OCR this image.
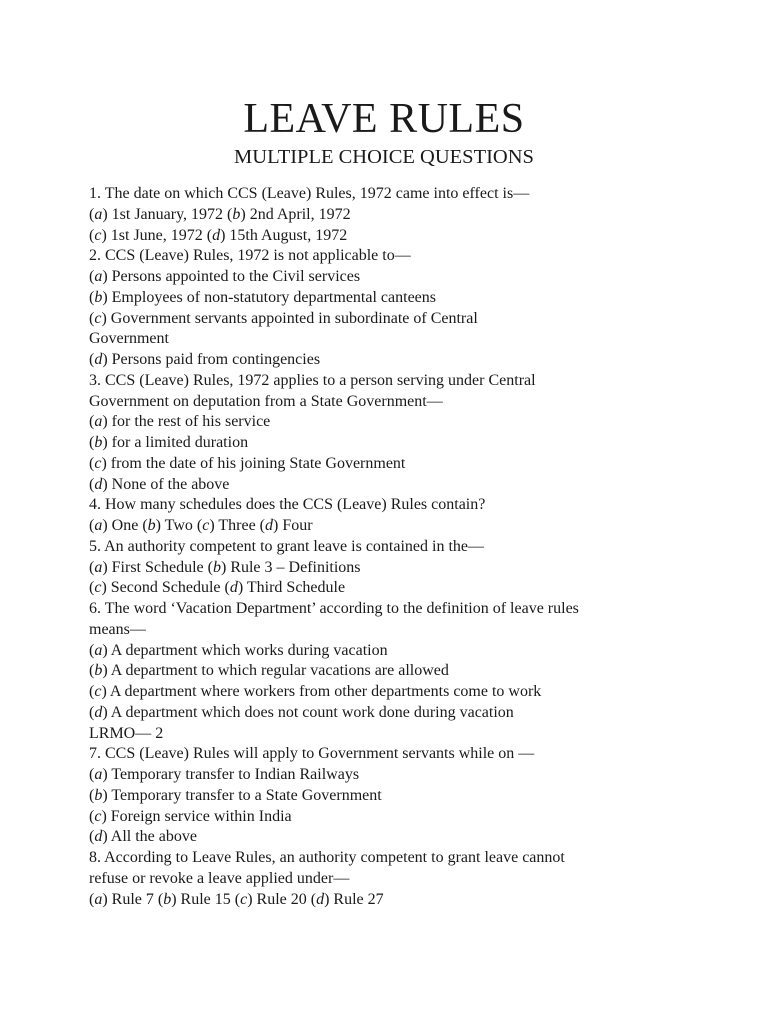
LEAVE RULES
MULTIPLE CHOICE QUESTIONS
1. The date on which CCS (Leave) Rules, 1972 came into effect is—
(a) 1st January, 1972 (b) 2nd April, 1972
(c) 1st June, 1972 (d) 15th August, 1972
2. CCS (Leave) Rules, 1972 is not applicable to—
(a) Persons appointed to the Civil services
(b) Employees of non-statutory departmental canteens
(c) Government servants appointed in subordinate of Central
Government
(d) Persons paid from contingencies
3. CCS (Leave) Rules, 1972 applies to a person serving under Central
Government on deputation from a State Government—
(a) for the rest of his service
(b) for a limited duration
(c) from the date of his joining State Government
(d) None of the above
4. How many schedules does the CCS (Leave) Rules contain?
(a) One (b) Two (c) Three (d) Four
5. An authority competent to grant leave is contained in the—
(a) First Schedule (b) Rule 3 – Definitions
(c) Second Schedule (d) Third Schedule
6. The word ‘Vacation Department’ according to the definition of leave rules
means—
(a) A department which works during vacation
(b) A department to which regular vacations are allowed
(c) A department where workers from other departments come to work
(d) A department which does not count work done during vacation
LRMO— 2
7. CCS (Leave) Rules will apply to Government servants while on —
(a) Temporary transfer to Indian Railways
(b) Temporary transfer to a State Government
(c) Foreign service within India
(d) All the above
8. According to Leave Rules, an authority competent to grant leave cannot
refuse or revoke a leave applied under—
(a) Rule 7 (b) Rule 15 (c) Rule 20 (d) Rule 27
